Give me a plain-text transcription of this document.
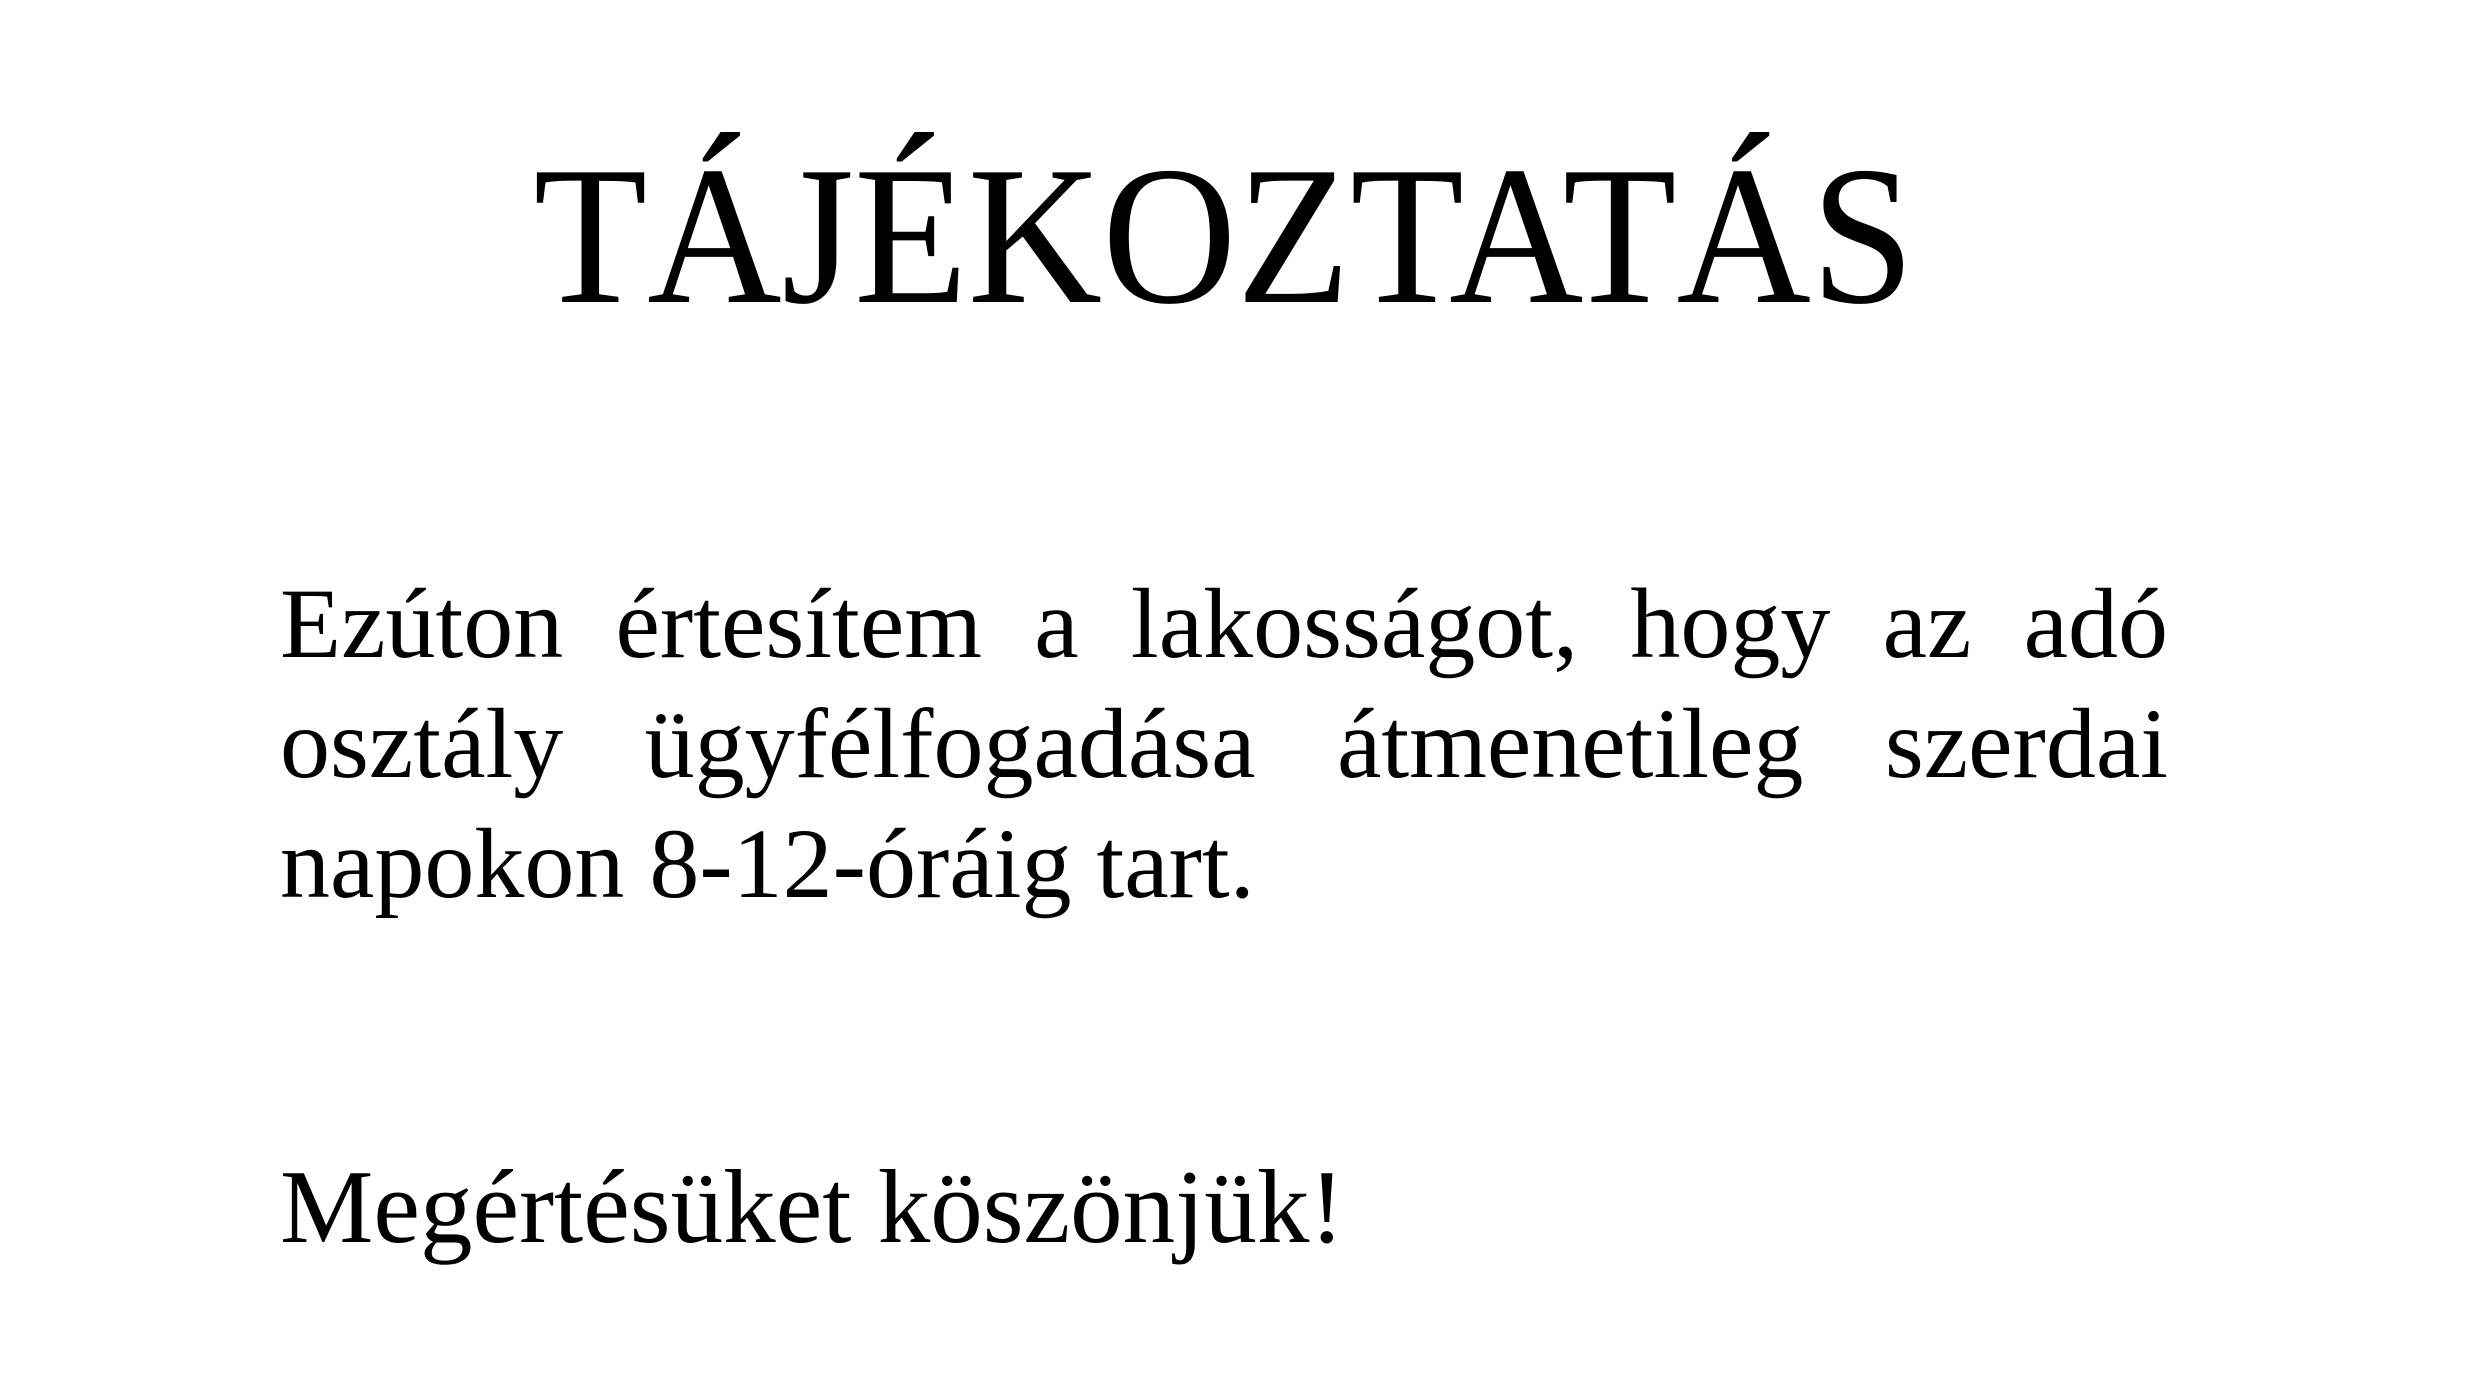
TÁJÉKOZTATÁS

Ezúton értesítem a lakosságot, hogy az adó

osztály ügyfélfogadása átmenetileg szerdai

napokon 8-12-óráig tart.

Megértésüket köszönjük!
